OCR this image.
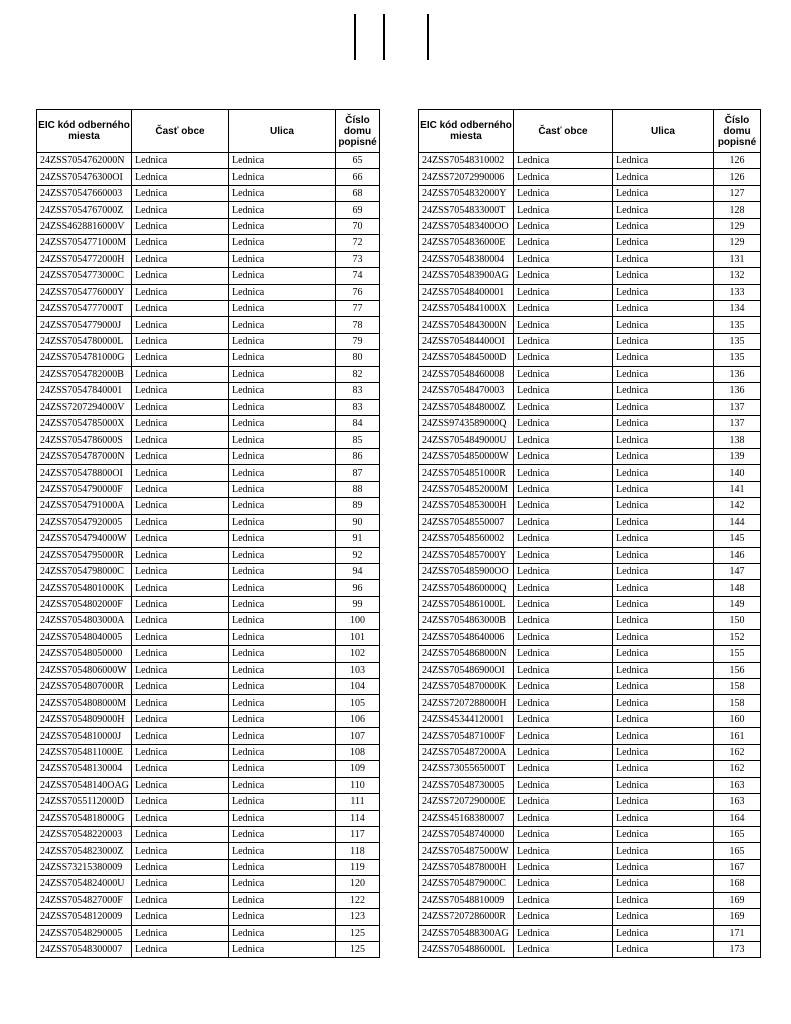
EIC kód odberného miesta	Časť obce	Ulica	Číslo domu popisné
24ZSS7054762000N	Lednica	Lednica	65
24ZSS705476300OI	Lednica	Lednica	66
24ZSS70547660003	Lednica	Lednica	68
24ZSS7054767000Z	Lednica	Lednica	69
24ZSS4628816000V	Lednica	Lednica	70
24ZSS7054771000M	Lednica	Lednica	72
24ZSS7054772000H	Lednica	Lednica	73
24ZSS7054773000C	Lednica	Lednica	74
24ZSS7054776000Y	Lednica	Lednica	76
24ZSS7054777000T	Lednica	Lednica	77
24ZSS7054779000J	Lednica	Lednica	78
24ZSS7054780000L	Lednica	Lednica	79
24ZSS7054781000G	Lednica	Lednica	80
24ZSS7054782000B	Lednica	Lednica	82
24ZSS70547840001	Lednica	Lednica	83
24ZSS7207294000V	Lednica	Lednica	83
24ZSS7054785000X	Lednica	Lednica	84
24ZSS7054786000S	Lednica	Lednica	85
24ZSS7054787000N	Lednica	Lednica	86
24ZSS705478800OI	Lednica	Lednica	87
24ZSS7054790000F	Lednica	Lednica	88
24ZSS7054791000A	Lednica	Lednica	89
24ZSS70547920005	Lednica	Lednica	90
24ZSS7054794000W	Lednica	Lednica	91
24ZSS7054795000R	Lednica	Lednica	92
24ZSS7054798000C	Lednica	Lednica	94
24ZSS7054801000K	Lednica	Lednica	96
24ZSS7054802000F	Lednica	Lednica	99
24ZSS7054803000A	Lednica	Lednica	100
24ZSS70548040005	Lednica	Lednica	101
24ZSS70548050000	Lednica	Lednica	102
24ZSS7054806000W	Lednica	Lednica	103
24ZSS7054807000R	Lednica	Lednica	104
24ZSS7054808000M	Lednica	Lednica	105
24ZSS7054809000H	Lednica	Lednica	106
24ZSS7054810000J	Lednica	Lednica	107
24ZSS7054811000E	Lednica	Lednica	108
24ZSS70548130004	Lednica	Lednica	109
24ZSS70548140OAG	Lednica	Lednica	110
24ZSS7055112000D	Lednica	Lednica	111
24ZSS7054818000G	Lednica	Lednica	114
24ZSS70548220003	Lednica	Lednica	117
24ZSS7054823000Z	Lednica	Lednica	118
24ZSS73215380009	Lednica	Lednica	119
24ZSS7054824000U	Lednica	Lednica	120
24ZSS7054827000F	Lednica	Lednica	122
24ZSS70548120009	Lednica	Lednica	123
24ZSS70548290005	Lednica	Lednica	125
24ZSS70548300007	Lednica	Lednica	125
EIC kód odberného miesta	Časť obce	Ulica	Číslo domu popisné
24ZSS70548310002	Lednica	Lednica	126
24ZSS72072990006	Lednica	Lednica	126
24ZSS7054832000Y	Lednica	Lednica	127
24ZSS7054833000T	Lednica	Lednica	128
24ZSS705483400OO	Lednica	Lednica	129
24ZSS7054836000E	Lednica	Lednica	129
24ZSS70548380004	Lednica	Lednica	131
24ZSS705483900AG	Lednica	Lednica	132
24ZSS70548400001	Lednica	Lednica	133
24ZSS7054841000X	Lednica	Lednica	134
24ZSS7054843000N	Lednica	Lednica	135
24ZSS705484400OI	Lednica	Lednica	135
24ZSS7054845000D	Lednica	Lednica	135
24ZSS70548460008	Lednica	Lednica	136
24ZSS70548470003	Lednica	Lednica	136
24ZSS7054848000Z	Lednica	Lednica	137
24ZSS9743589000Q	Lednica	Lednica	137
24ZSS7054849000U	Lednica	Lednica	138
24ZSS7054850000W	Lednica	Lednica	139
24ZSS7054851000R	Lednica	Lednica	140
24ZSS7054852000M	Lednica	Lednica	141
24ZSS7054853000H	Lednica	Lednica	142
24ZSS70548550007	Lednica	Lednica	144
24ZSS70548560002	Lednica	Lednica	145
24ZSS7054857000Y	Lednica	Lednica	146
24ZSS705485900OO	Lednica	Lednica	147
24ZSS7054860000Q	Lednica	Lednica	148
24ZSS7054861000L	Lednica	Lednica	149
24ZSS7054863000B	Lednica	Lednica	150
24ZSS70548640006	Lednica	Lednica	152
24ZSS7054868000N	Lednica	Lednica	155
24ZSS705486900OI	Lednica	Lednica	156
24ZSS7054870000K	Lednica	Lednica	158
24ZSS7207288000H	Lednica	Lednica	158
24ZSS45344120001	Lednica	Lednica	160
24ZSS7054871000F	Lednica	Lednica	161
24ZSS7054872000A	Lednica	Lednica	162
24ZSS7305565000T	Lednica	Lednica	162
24ZSS70548730005	Lednica	Lednica	163
24ZSS7207290000E	Lednica	Lednica	163
24ZSS45168380007	Lednica	Lednica	164
24ZSS70548740000	Lednica	Lednica	165
24ZSS7054875000W	Lednica	Lednica	165
24ZSS7054878000H	Lednica	Lednica	167
24ZSS7054879000C	Lednica	Lednica	168
24ZSS70548810009	Lednica	Lednica	169
24ZSS7207286000R	Lednica	Lednica	169
24ZSS705488300AG	Lednica	Lednica	171
24ZSS7054886000L	Lednica	Lednica	173
